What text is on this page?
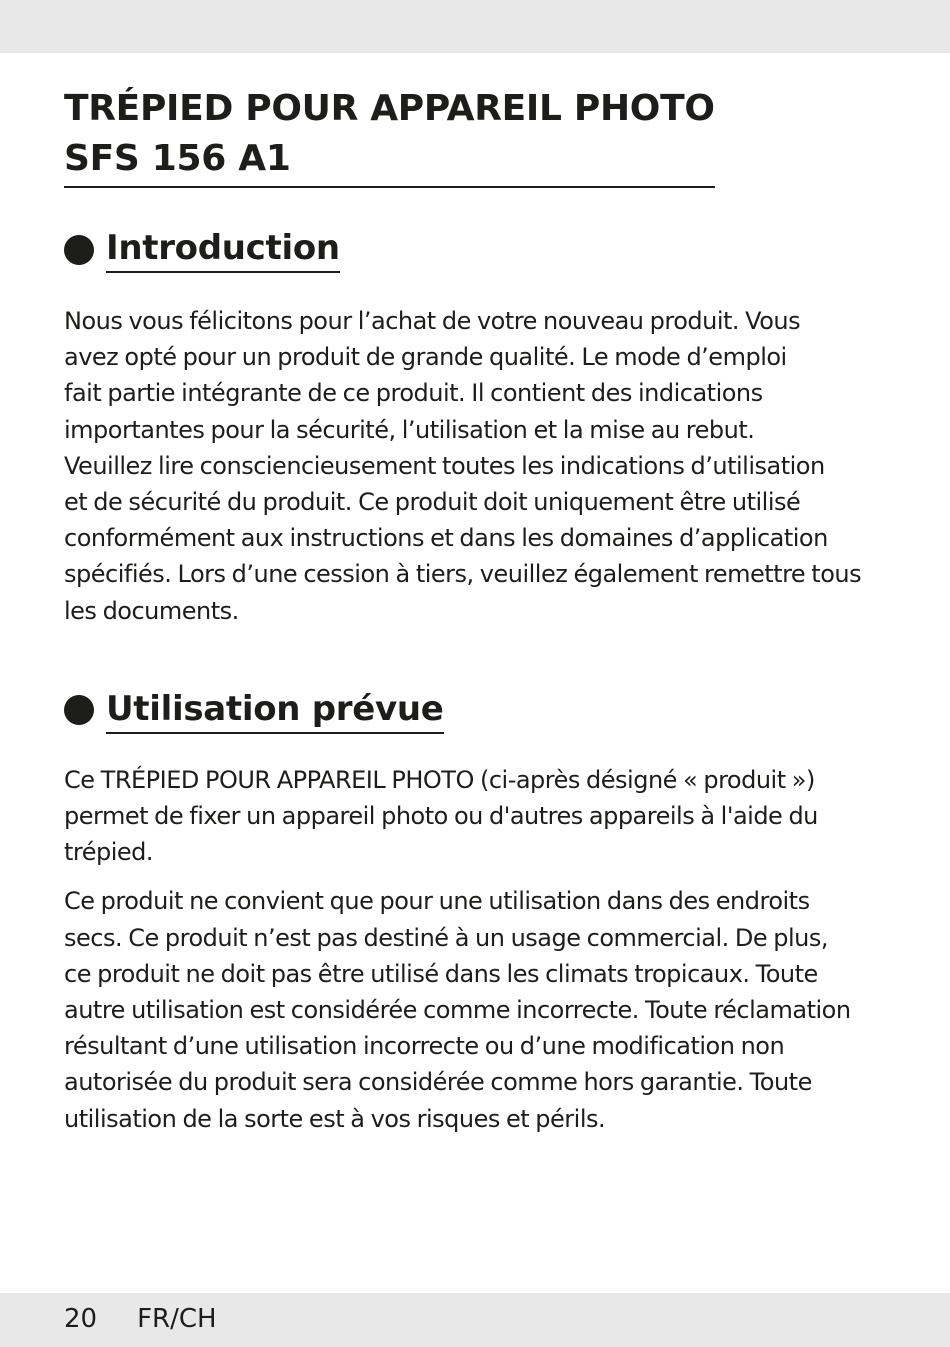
TRÉPIED POUR APPAREIL PHOTO
SFS 156 A1
Introduction

Nous vous félicitons pour l’achat de votre nouveau produit. Vous
avez opté pour un produit de grande qualité. Le mode d’emploi
fait partie intégrante de ce produit. Il contient des indications
importantes pour la sécurité, l’utilisation et la mise au rebut.
Veuillez lire consciencieusement toutes les indications d’utilisation
et de sécurité du produit. Ce produit doit uniquement être utilisé
conformément aux instructions et dans les domaines d’application
spécifiés. Lors d’une cession à tiers, veuillez également remettre tous
les documents.

Utilisation prévue

Ce TRÉPIED POUR APPAREIL PHOTO (ci-après désigné « produit »)
permet de fixer un appareil photo ou d'autres appareils à l'aide du
trépied.

Ce produit ne convient que pour une utilisation dans des endroits
secs. Ce produit n’est pas destiné à un usage commercial. De plus,
ce produit ne doit pas être utilisé dans les climats tropicaux. Toute
autre utilisation est considérée comme incorrecte. Toute réclamation
résultant d’une utilisation incorrecte ou d’une modification non
autorisée du produit sera considérée comme hors garantie. Toute
utilisation de la sorte est à vos risques et périls.

20 FR/CH
